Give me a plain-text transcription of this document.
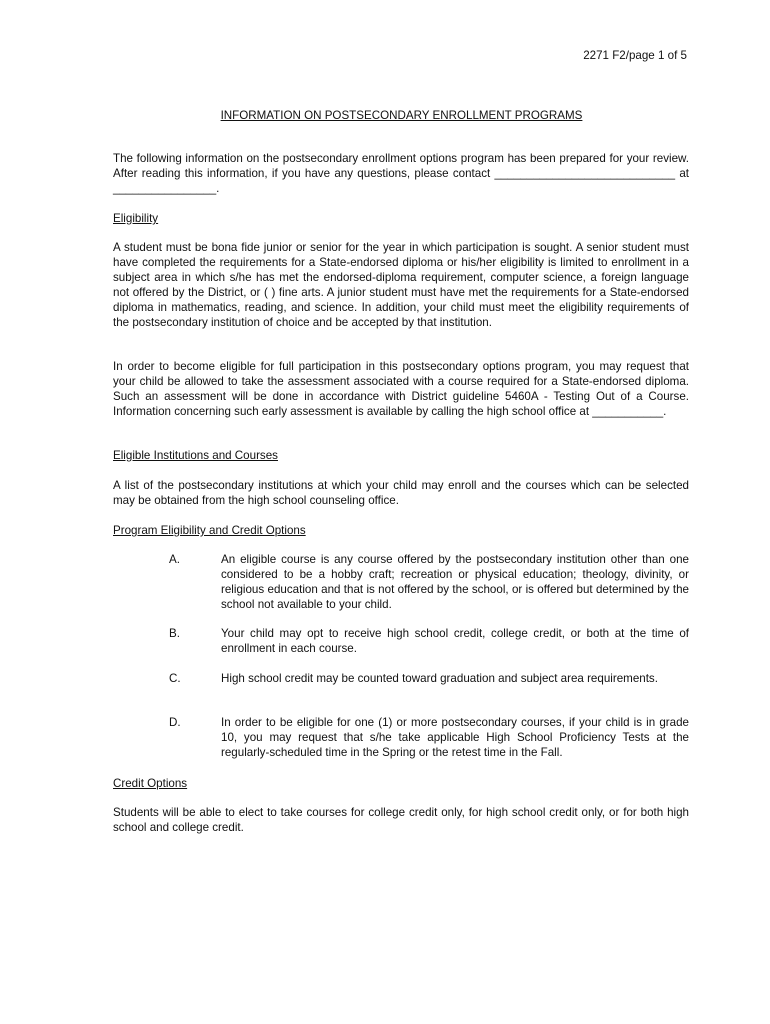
2271 F2/page 1 of 5
INFORMATION ON POSTSECONDARY ENROLLMENT PROGRAMS

The following information on the postsecondary enrollment options program has been prepared for your review. After reading this information, if you have any questions, please contact ____________________________ at ________________.

Eligibility

A student must be bona fide junior or senior for the year in which participation is sought. A senior student must have completed the requirements for a State-endorsed diploma or his/her eligibility is limited to enrollment in a subject area in which s/he has met the endorsed-diploma requirement, computer science, a foreign language not offered by the District, or ( ) fine arts. A junior student must have met the requirements for a State-endorsed diploma in mathematics, reading, and science. In addition, your child must meet the eligibility requirements of the postsecondary institution of choice and be accepted by that institution.

In order to become eligible for full participation in this postsecondary options program, you may request that your child be allowed to take the assessment associated with a course required for a State-endorsed diploma. Such an assessment will be done in accordance with District guideline 5460A - Testing Out of a Course. Information concerning such early assessment is available by calling the high school office at ___________.

Eligible Institutions and Courses

A list of the postsecondary institutions at which your child may enroll and the courses which can be selected may be obtained from the high school counseling office.

Program Eligibility and Credit Options
A.	An eligible course is any course offered by the postsecondary institution other than one considered to be a hobby craft; recreation or physical education; theology, divinity, or religious education and that is not offered by the school, or is offered but determined by the school not available to your child.
B.	Your child may opt to receive high school credit, college credit, or both at the time of enrollment in each course.
C.	High school credit may be counted toward graduation and subject area requirements.
D.	In order to be eligible for one (1) or more postsecondary courses, if your child is in grade 10, you may request that s/he take applicable High School Proficiency Tests at the regularly-scheduled time in the Spring or the retest time in the Fall.
Credit Options

Students will be able to elect to take courses for college credit only, for high school credit only, or for both high school and college credit.
